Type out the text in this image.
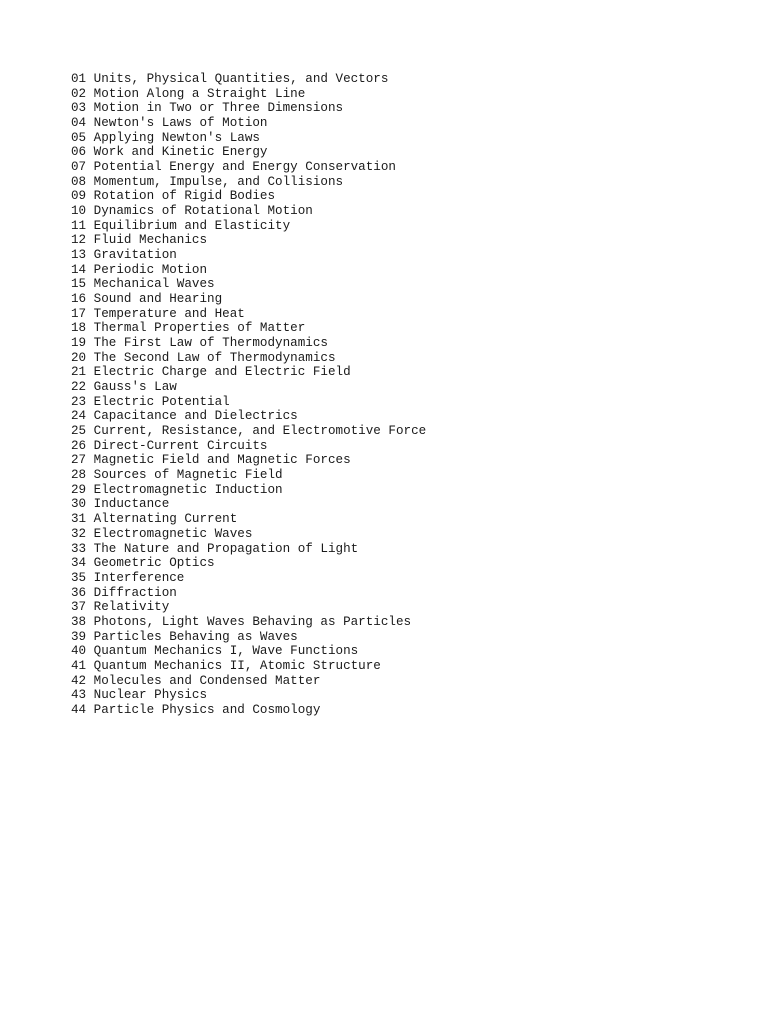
01 Units, Physical Quantities, and Vectors
02 Motion Along a Straight Line
03 Motion in Two or Three Dimensions
04 Newton's Laws of Motion
05 Applying Newton's Laws
06 Work and Kinetic Energy
07 Potential Energy and Energy Conservation
08 Momentum, Impulse, and Collisions
09 Rotation of Rigid Bodies
10 Dynamics of Rotational Motion
11 Equilibrium and Elasticity
12 Fluid Mechanics
13 Gravitation
14 Periodic Motion
15 Mechanical Waves
16 Sound and Hearing
17 Temperature and Heat
18 Thermal Properties of Matter
19 The First Law of Thermodynamics
20 The Second Law of Thermodynamics
21 Electric Charge and Electric Field
22 Gauss's Law
23 Electric Potential
24 Capacitance and Dielectrics
25 Current, Resistance, and Electromotive Force
26 Direct-Current Circuits
27 Magnetic Field and Magnetic Forces
28 Sources of Magnetic Field
29 Electromagnetic Induction
30 Inductance
31 Alternating Current
32 Electromagnetic Waves
33 The Nature and Propagation of Light
34 Geometric Optics
35 Interference
36 Diffraction
37 Relativity
38 Photons, Light Waves Behaving as Particles
39 Particles Behaving as Waves
40 Quantum Mechanics I, Wave Functions
41 Quantum Mechanics II, Atomic Structure
42 Molecules and Condensed Matter
43 Nuclear Physics
44 Particle Physics and Cosmology
